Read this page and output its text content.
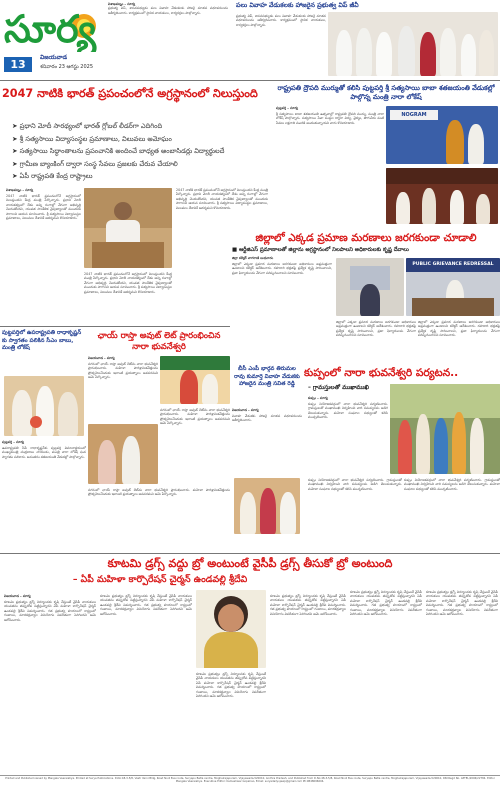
సూర్య
13
విజయవాడ
శనివారం 23 ఆగస్టు 2025
విశాఖపట్నం – సూర్య
ప్రభుత్వ విప్, శాసనసభ్యుడు పలు వివాహ వేడుకలకు హాజరై నూతన వధూవరులను ఆశీర్వదించారు. కార్యక్రమంలో స్థానిక నాయకులు, కార్యకర్తలు పాల్గొన్నారు.
పలు వివాహ వేడుకలకు హాజరైన ప్రభుత్వ విప్ జీవీ
ప్రభుత్వ విప్, శాసనసభ్యుడు పలు వివాహ వేడుకలకు హాజరై నూతన వధూవరులను ఆశీర్వదించారు. కార్యక్రమంలో స్థానిక నాయకులు, కార్యకర్తలు పాల్గొన్నారు.
2047 నాటికి భారత్ ప్రపంచంలోనే అగ్రస్థానంలో నిలుస్తుంది
➤ ప్రధాని మోదీ సారథ్యంలో భారత్ గ్లోబల్ లీడర్‌గా ఎదిగింది
➤ శ్రీ సత్యసాయి విద్యాసంస్థల ప్రమాణాలు, విలువలు అమోఘం
➤ సత్యసాయి సిద్ధాంతాలను ప్రపంచానికి అందించే బాధ్యత అంబాసిడర్లు విద్యార్థులదే
➤ గ్రామీణ బ్యాంకింగ్ ద్వారా సంస్థ సేవలు ప్రజలకు చేరువ చేయాలి
➤ ఏపీ రాష్ట్రపతి కేంద్ర రాష్ట్రాలు
విశాఖపట్నం – సూర్య
2047 నాటికి భారత్ ప్రపంచంలోనే అగ్రస్థానంలో నిలుస్తుందని కేంద్ర మంత్రి పేర్కొన్నారు. ప్రధాని మోదీ నాయకత్వంలో దేశం అన్ని రంగాల్లో వేగంగా అభివృద్ధి చెందుతోందని, యువత సాంకేతిక నైపుణ్యాలతో ముందుకు సాగాలని ఆయన సూచించారు. శ్రీ సత్యసాయి విద్యాసంస్థల ప్రమాణాలు, విలువలు దేశానికే ఆదర్శమని కొనియాడారు.
2047 నాటికి భారత్ ప్రపంచంలోనే అగ్రస్థానంలో నిలుస్తుందని కేంద్ర మంత్రి పేర్కొన్నారు. ప్రధాని మోదీ నాయకత్వంలో దేశం అన్ని రంగాల్లో వేగంగా అభివృద్ధి చెందుతోందని, యువత సాంకేతిక నైపుణ్యాలతో ముందుకు సాగాలని ఆయన సూచించారు. శ్రీ సత్యసాయి విద్యాసంస్థల ప్రమాణాలు, విలువలు దేశానికే ఆదర్శమని కొనియాడారు.
2047 నాటికి భారత్ ప్రపంచంలోనే అగ్రస్థానంలో నిలుస్తుందని కేంద్ర మంత్రి పేర్కొన్నారు. ప్రధాని మోదీ నాయకత్వంలో దేశం అన్ని రంగాల్లో వేగంగా అభివృద్ధి చెందుతోందని, యువత సాంకేతిక నైపుణ్యాలతో ముందుకు సాగాలని ఆయన సూచించారు. శ్రీ సత్యసాయి విద్యాసంస్థల ప్రమాణాలు, విలువలు దేశానికే ఆదర్శమని కొనియాడారు.
రాష్ట్రపతి ద్రౌపది ముర్ముతో కలిసి పుట్టపర్తి శ్రీ సత్యసాయి బాబా శతజయంతి వేడుకల్లో పాల్గొన్న మంత్రి నారా లోకేష్
పుట్టపర్తి – సూర్య
శ్రీ సత్యసాయి బాబా శతజయంతి ఉత్సవాల్లో రాష్ట్రపతి ద్రౌపది ముర్ము, మంత్రి నారా లోకేష్ పాల్గొన్నారు. సత్యసాయి సేవా సంస్థల ద్వారా విద్య, వైద్యం, తాగునీరు వంటి సేవలు లక్షలాది మందికి అందుతున్నాయని వారు కొనియాడారు.
NOGRAM
జిల్లాలో ఎక్కడ ప్రమాణ మరణాలు జరగకుండా చూడాలి
■ ఆర్టీజిఎస్ ప్రమాణాలతో జిల్లాను అగ్రస్థానంలో నిలపాలని అధికారులకు కృష్ణ దేవాలు
జిల్లా కలెక్టర్ నాగరాణి బుధవారం
జిల్లాలో ఎక్కడా ప్రమాద మరణాలు జరగకుండా అధికారులు అప్రమత్తంగా ఉండాలని కలెక్టర్ ఆదేశించారు. రహదారి భద్రతపై ప్రత్యేక దృష్టి సారించాలని, ప్రజా ఫిర్యాదులను వేగంగా పరిష్కరించాలని సూచించారు.
PUBLIC GRIEVANCE REDRESSAL
జిల్లాలో ఎక్కడా ప్రమాద మరణాలు జరగకుండా అధికారులు అప్రమత్తంగా ఉండాలని కలెక్టర్ ఆదేశించారు. రహదారి భద్రతపై ప్రత్యేక దృష్టి సారించాలని, ప్రజా ఫిర్యాదులను వేగంగా పరిష్కరించాలని సూచించారు.
జిల్లాలో ఎక్కడా ప్రమాద మరణాలు జరగకుండా అధికారులు అప్రమత్తంగా ఉండాలని కలెక్టర్ ఆదేశించారు. రహదారి భద్రతపై ప్రత్యేక దృష్టి సారించాలని, ప్రజా ఫిర్యాదులను వేగంగా పరిష్కరించాలని సూచించారు.
పుట్టపర్తిలో ఉపరాష్ట్రపతి రాధాకృష్ణన్ కు స్వాగతం పలికిన సీఎం బాబు, మంత్రి లోకేష్
పుట్టపర్తి – సూర్య
ఉపరాష్ట్రపతి సీపీ రాధాకృష్ణన్‌కు పుట్టపర్తి విమానాశ్రయంలో ముఖ్యమంత్రి చంద్రబాబు నాయుడు, మంత్రి నారా లోకేష్ ఘన స్వాగతం పలికారు. అనంతరం శతజయంతి వేడుకల్లో పాల్గొన్నారు.
ఛాయ్ రాస్తా అవుట్ లెట్ ప్రారంభించిన నారా భువనేశ్వరి
విజయవాడ – సూర్య
నగరంలో ఛాయ్ రాస్తా అవుట్ లెట్‌ను నారా భువనేశ్వరి ప్రారంభించారు. మహిళా పారిశ్రామికవేత్తలను ప్రోత్సహించేందుకు ఇలాంటి ప్రయత్నాలు అవసరమని ఆమె పేర్కొన్నారు.
నగరంలో ఛాయ్ రాస్తా అవుట్ లెట్‌ను నారా భువనేశ్వరి ప్రారంభించారు. మహిళా పారిశ్రామికవేత్తలను ప్రోత్సహించేందుకు ఇలాంటి ప్రయత్నాలు అవసరమని ఆమె పేర్కొన్నారు.
నగరంలో ఛాయ్ రాస్తా అవుట్ లెట్‌ను నారా భువనేశ్వరి ప్రారంభించారు. మహిళా పారిశ్రామికవేత్తలను ప్రోత్సహించేందుకు ఇలాంటి ప్రయత్నాలు అవసరమని ఆమె పేర్కొన్నారు.
బీసీ ఎంపీ భార్గవ తిరుమల రావు కుమార్తె వివాహ వేడుకకు హాజరైన మంత్రి సవిత రెడ్డి
విజయవాడ – సూర్య
వివాహ వేడుకకు హాజరై నూతన వధూవరులను ఆశీర్వదించారు.
కుప్పంలో నారా భువనేశ్వరి పర్యటన..
– గ్రామస్తులతో ముఖాముఖి
కుప్పం – సూర్య
కుప్పం నియోజకవర్గంలో నారా భువనేశ్వరి పర్యటించారు. గ్రామస్తులతో ముఖాముఖి నిర్వహించి వారి సమస్యలను అడిగి తెలుసుకున్నారు. మహిళా సంఘాల సభ్యులతో కలిసి ముచ్చటించారు.
కుప్పం నియోజకవర్గంలో నారా భువనేశ్వరి పర్యటించారు. గ్రామస్తులతో ముఖాముఖి నిర్వహించి వారి సమస్యలను అడిగి తెలుసుకున్నారు. మహిళా సంఘాల సభ్యులతో కలిసి ముచ్చటించారు.
కుప్పం నియోజకవర్గంలో నారా భువనేశ్వరి పర్యటించారు. గ్రామస్తులతో ముఖాముఖి నిర్వహించి వారి సమస్యలను అడిగి తెలుసుకున్నారు. మహిళా సంఘాల సభ్యులతో కలిసి ముచ్చటించారు.
కూటమి డ్రగ్స్ వద్దు బ్రో అంటుంటే వైసీపీ డ్రగ్స్ తీసుకో బ్రో అంటుంది
– ఏపీ మహిళా కార్పొరేషన్ చైర్మన్ ఉండవల్లి శ్రీదేవి
విజయవాడ – సూర్య
కూటమి ప్రభుత్వం డ్రగ్స్ నిర్మూలనకు కృషి చేస్తుంటే వైసీపీ నాయకులు యువతను తప్పుదోవ పట్టిస్తున్నారని ఏపీ మహిళా కార్పొరేషన్ చైర్మన్ ఉండవల్లి శ్రీదేవి విమర్శించారు. గత ప్రభుత్వ హయాంలో రాష్ట్రంలో గంజాయి, మాదకద్రవ్యాల వినియోగం విపరీతంగా పెరిగిందని ఆమె ఆరోపించారు.
కూటమి ప్రభుత్వం డ్రగ్స్ నిర్మూలనకు కృషి చేస్తుంటే వైసీపీ నాయకులు యువతను తప్పుదోవ పట్టిస్తున్నారని ఏపీ మహిళా కార్పొరేషన్ చైర్మన్ ఉండవల్లి శ్రీదేవి విమర్శించారు. గత ప్రభుత్వ హయాంలో రాష్ట్రంలో గంజాయి, మాదకద్రవ్యాల వినియోగం విపరీతంగా పెరిగిందని ఆమె ఆరోపించారు.
కూటమి ప్రభుత్వం డ్రగ్స్ నిర్మూలనకు కృషి చేస్తుంటే వైసీపీ నాయకులు యువతను తప్పుదోవ పట్టిస్తున్నారని ఏపీ మహిళా కార్పొరేషన్ చైర్మన్ ఉండవల్లి శ్రీదేవి విమర్శించారు. గత ప్రభుత్వ హయాంలో రాష్ట్రంలో గంజాయి, మాదకద్రవ్యాల వినియోగం విపరీతంగా పెరిగిందని ఆమె ఆరోపించారు.
కూటమి ప్రభుత్వం డ్రగ్స్ నిర్మూలనకు కృషి చేస్తుంటే వైసీపీ నాయకులు యువతను తప్పుదోవ పట్టిస్తున్నారని ఏపీ మహిళా కార్పొరేషన్ చైర్మన్ ఉండవల్లి శ్రీదేవి విమర్శించారు. గత ప్రభుత్వ హయాంలో రాష్ట్రంలో గంజాయి, మాదకద్రవ్యాల వినియోగం విపరీతంగా పెరిగిందని ఆమె ఆరోపించారు.
కూటమి ప్రభుత్వం డ్రగ్స్ నిర్మూలనకు కృషి చేస్తుంటే వైసీపీ నాయకులు యువతను తప్పుదోవ పట్టిస్తున్నారని ఏపీ మహిళా కార్పొరేషన్ చైర్మన్ ఉండవల్లి శ్రీదేవి విమర్శించారు. గత ప్రభుత్వ హయాంలో రాష్ట్రంలో గంజాయి, మాదకద్రవ్యాల వినియోగం విపరీతంగా పెరిగిందని ఆమె ఆరోపించారు.
కూటమి ప్రభుత్వం డ్రగ్స్ నిర్మూలనకు కృషి చేస్తుంటే వైసీపీ నాయకులు యువతను తప్పుదోవ పట్టిస్తున్నారని ఏపీ మహిళా కార్పొరేషన్ చైర్మన్ ఉండవల్లి శ్రీదేవి విమర్శించారు. గత ప్రభుత్వ హయాంలో రాష్ట్రంలో గంజాయి, మాదకద్రవ్యాల వినియోగం విపరీతంగా పెరిగిందని ఆమె ఆరోపించారు.
Printed and Published owned by Mangala Veeraiahya. Printed at Surya Publications. D.No:48-3-5/8, Vastr Varni Bldg, Road No.6 Bus route, Suryapu Batla centre, Moghalrajapuram, Vijayawada-520010, Andhra Pradesh, and Published from D.No:48-3-5/8, Road No.6 Bus route, Suryapu Batla centre, Moghalrajapuram, Vijayawada-520010, RNI Regd No. APTEL/2006/22784. Editor Mangala Veeraiahya. Executive Editor: Kameshwar Gopalrao, Email: suryadailyvjawp@gmail.com Ph:9848096004.
